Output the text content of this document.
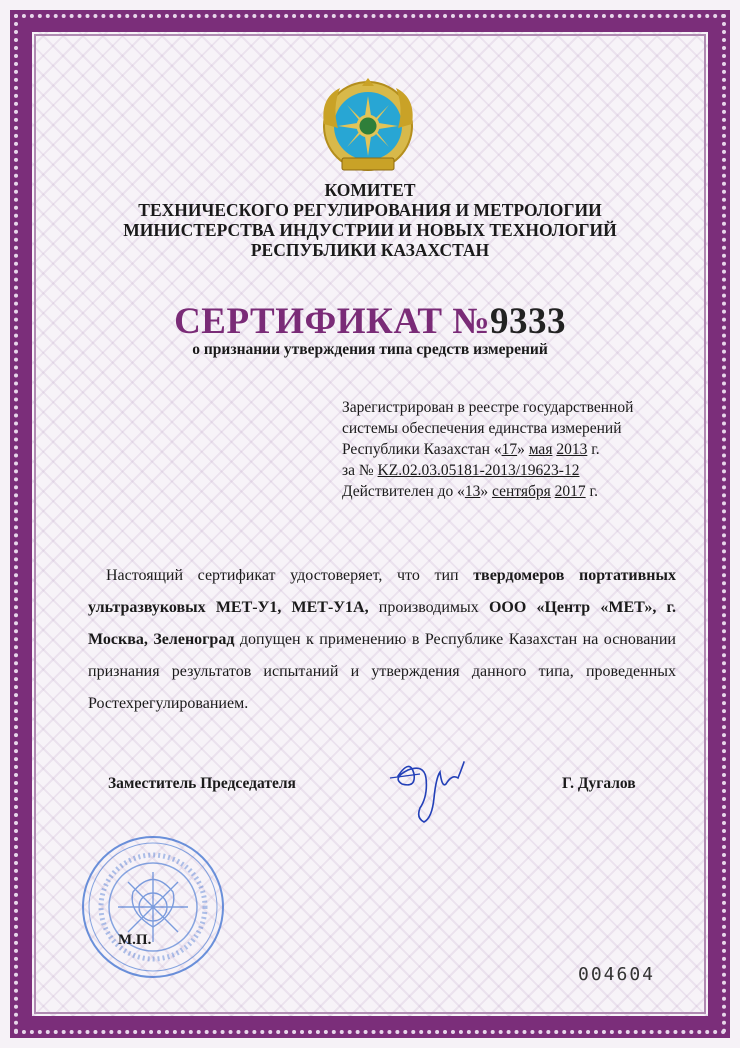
КОМИТЕТ
ТЕХНИЧЕСКОГО РЕГУЛИРОВАНИЯ И МЕТРОЛОГИИ
МИНИСТЕРСТВА ИНДУСТРИИ И НОВЫХ ТЕХНОЛОГИЙ
РЕСПУБЛИКИ КАЗАХСТАН
СЕРТИФИКАТ №9333
о признании утверждения типа средств измерений
Зарегистрирован в реестре государственной
системы обеспечения единства измерений
Республики Казахстан «17» мая 2013 г.
за № KZ.02.03.05181-2013/19623-12
Действителен до «13» сентября 2017 г.
Настоящий сертификат удостоверяет, что тип твердомеров портативных ультразвуковых МЕТ-У1, МЕТ-У1А, производимых ООО «Центр «МЕТ», г. Москва, Зеленоград допущен к применению в Республике Казахстан на основании признания результатов испытаний и утверждения данного типа, проведенных Ростехрегулированием.
Заместитель Председателя	Г. Дугалов
М.П.
004604
